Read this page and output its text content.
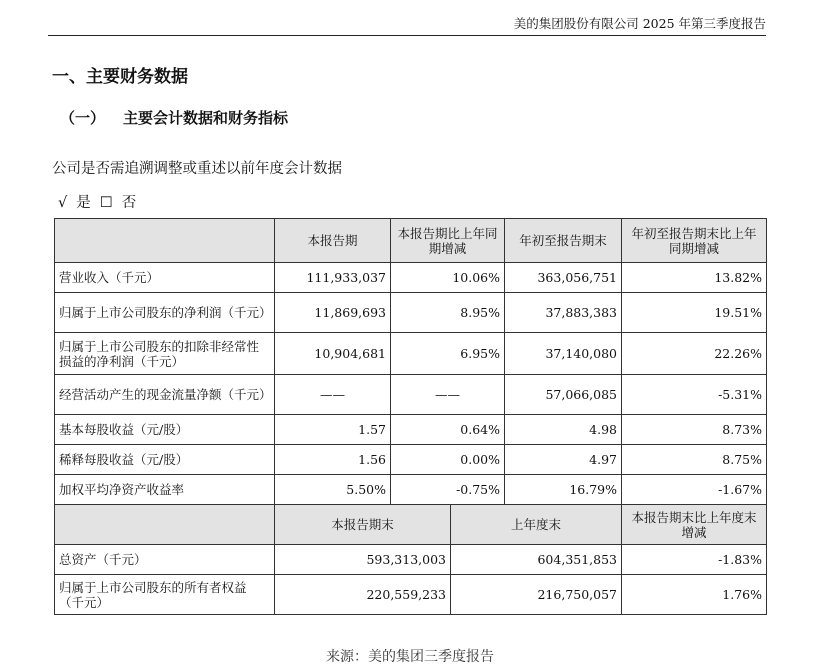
美的集团股份有限公司 2025 年第三季度报告
一、主要财务数据
（一） 主要会计数据和财务指标
公司是否需追溯调整或重述以前年度会计数据
√ 是 ☐ 否
	本报告期	本报告期比上年同期增减		年初至报告期末	年初至报告期末比上年同期增减
营业收入（千元）	111,933,037	10.06%		363,056,751	13.82%
归属于上市公司股东的净利润（千元）	11,869,693	8.95%		37,883,383	19.51%
归属于上市公司股东的扣除非经常性损益的净利润（千元）	10,904,681	6.95%		37,140,080	22.26%
经营活动产生的现金流量净额（千元）	——	——		57,066,085	-5.31%
基本每股收益（元/股）	1.57	0.64%		4.98	8.73%
稀释每股收益（元/股）	1.56	0.00%		4.97	8.75%
加权平均净资产收益率	5.50%	-0.75%		16.79%	-1.67%
	本报告期末		上年度末		本报告期末比上年度末增减
总资产（千元）	593,313,003		604,351,853		-1.83%
归属于上市公司股东的所有者权益（千元）	220,559,233		216,750,057		1.76%
来源：美的集团三季度报告
